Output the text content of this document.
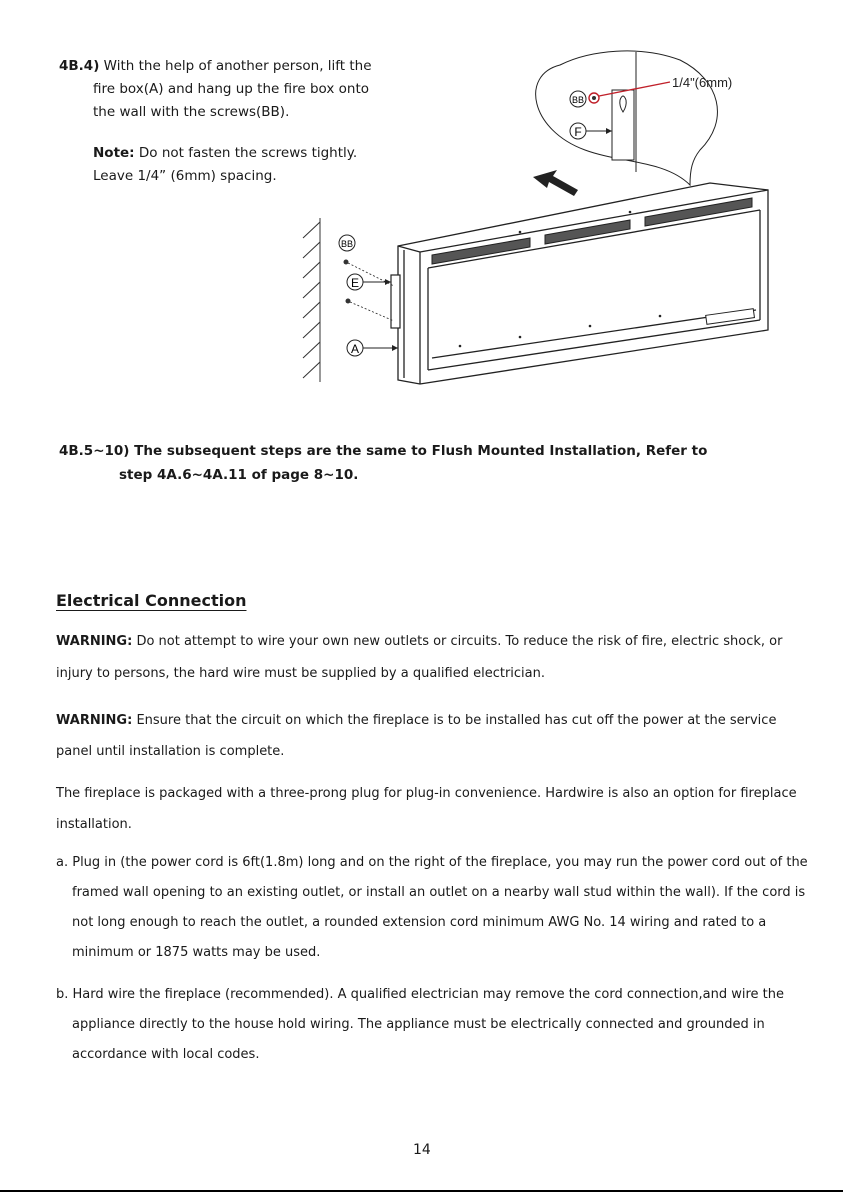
4B.4) With the help of another person, lift the
fire box(A) and hang up the fire box onto
the wall with the screws(BB).
Note: Do not fasten the screws tightly.
Leave 1/4” (6mm) spacing.
BB
E
A
BB
F
1/4"(6mm)
4B.5~10) The subsequent steps are the same to Flush Mounted Installation, Refer to
step 4A.6~4A.11 of page 8~10.
Electrical Connection
WARNING: Do not attempt to wire your own new outlets or circuits. To reduce the risk of fire, electric shock, or
injury to persons, the hard wire must be supplied by a qualified electrician.
WARNING: Ensure that the circuit on which the fireplace is to be installed has cut off the power at the service
panel until installation is complete.
The fireplace is packaged with a three-prong plug for plug-in convenience. Hardwire is also an option for fireplace
installation.
a. Plug in (the power cord is 6ft(1.8m) long and on the right of the fireplace, you may run the power cord out of the
framed wall opening to an existing outlet, or install an outlet on a nearby wall stud within the wall). If the cord is
not long enough to reach the outlet, a rounded extension cord minimum AWG No. 14 wiring and rated to a
minimum or 1875 watts may be used.
b. Hard wire the fireplace (recommended). A qualified electrician may remove the cord connection,and wire the
appliance directly to the house hold wiring. The appliance must be electrically connected and grounded in
accordance with local codes.
14
